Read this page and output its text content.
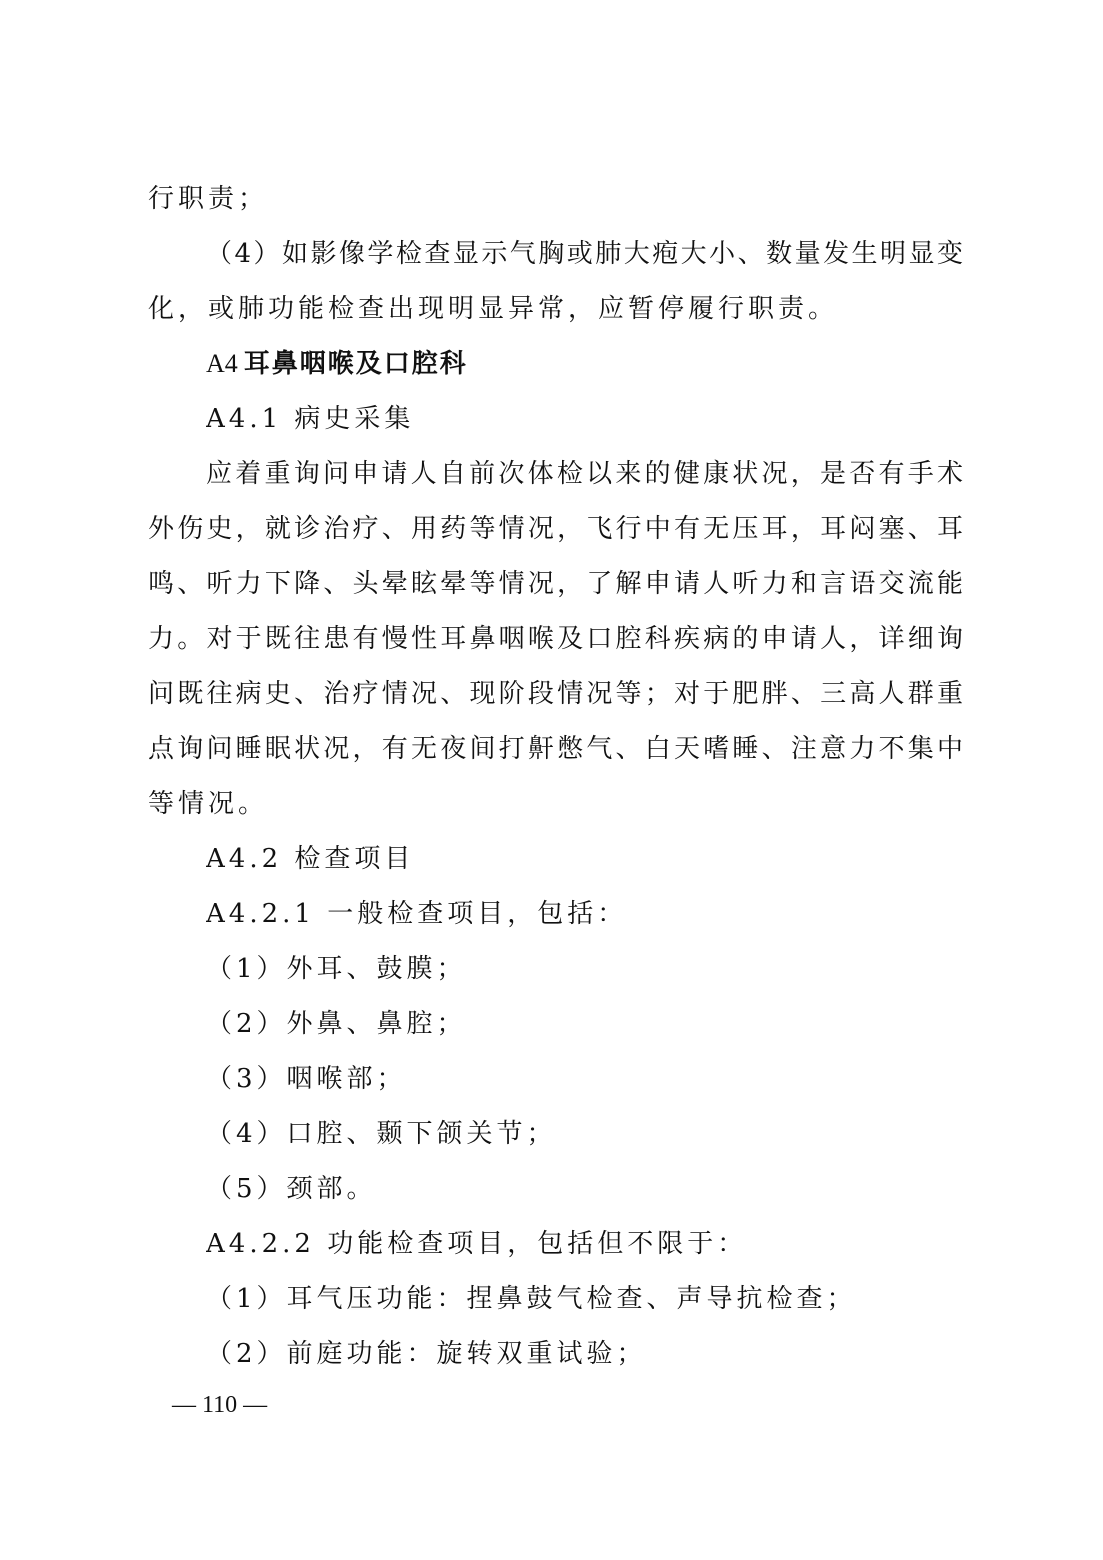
行职责；
（4）如影像学检查显示气胸或肺大疱大小、数量发生明显变
化，或肺功能检查出现明显异常，应暂停履行职责。
A4 耳鼻咽喉及口腔科
A4.1 病史采集
应着重询问申请人自前次体检以来的健康状况，是否有手术
外伤史，就诊治疗、用药等情况，飞行中有无压耳，耳闷塞、耳
鸣、听力下降、头晕眩晕等情况，了解申请人听力和言语交流能
力。对于既往患有慢性耳鼻咽喉及口腔科疾病的申请人，详细询
问既往病史、治疗情况、现阶段情况等；对于肥胖、三高人群重
点询问睡眠状况，有无夜间打鼾憋气、白天嗜睡、注意力不集中
等情况。
A4.2 检查项目
A4.2.1 一般检查项目，包括：
（1）外耳、鼓膜；
（2）外鼻、鼻腔；
（3）咽喉部；
（4）口腔、颞下颌关节；
（5）颈部。
A4.2.2 功能检查项目，包括但不限于：
（1）耳气压功能：捏鼻鼓气检查、声导抗检查；
（2）前庭功能：旋转双重试验；
— 110 —
